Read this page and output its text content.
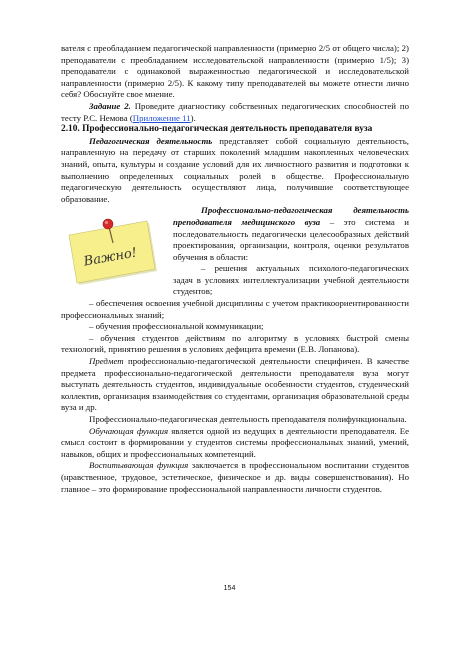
вателя с преобладанием педагогической направленности (примерно 2/5 от общего числа); 2) преподаватели с преобладанием исследовательской направленности (примерно 1/5); 3) преподаватели с одинаковой выраженностью педагогической и исследовательской направленности (примерно 2/5). К какому типу преподавателей вы можете отнести лично себя? Обоснуйте свое мнение.

Задание 2. Проведите диагностику собственных педагогических способностей по тесту Р.С. Немова (Приложение 11).

2.10. Профессионально-педагогическая деятельность преподавателя вуза

Педагогическая деятельность представляет собой социальную деятельность, направленную на передачу от старших поколений младшим накопленных человеческих знаний, опыта, культуры и создание условий для их личностного развития и подготовки к выполнению определенных социальных ролей в обществе. Профессиональную педагогическую деятельность осуществляют лица, получившие соответствующее образование.

Важно!

Профессионально-педагогическая деятельность преподавателя медицинского вуза – это система и последовательность педагогически целесообразных действий проектирования, организации, контроля, оценки результатов обучения в области:

– решения актуальных психолого-педагогических задач в условиях интеллектуализации учебной деятельности студентов;

– обеспечения освоения учебной дисциплины с учетом практикоориентированности профессиональных знаний;

– обучения профессиональной коммуникации;

– обучения студентов действиям по алгоритму в условиях быстрой смены технологий, принятию решения в условиях дефицита времени (Е.В. Лопанова).

Предмет профессионально-педагогической деятельности специфичен. В качестве предмета профессионально-педагогической деятельности преподавателя вуза могут выступать деятельность студентов, индивидуальные особенности студентов, студенческий коллектив, организация взаимодействия со студентами, организация образовательной среды вуза и др.

Профессионально-педагогическая деятельность преподавателя полифункциональна.

Обучающая функция является одной из ведущих в деятельности преподавателя. Ее смысл состоит в формировании у студентов системы профессиональных знаний, умений, навыков, общих и профессиональных компетенций.

Воспитывающая функция заключается в профессиональном воспитании студентов (нравственное, трудовое, эстетическое, физическое и др. виды совершенствования). Но главное – это формирование профессиональной направленности личности студентов.

154
